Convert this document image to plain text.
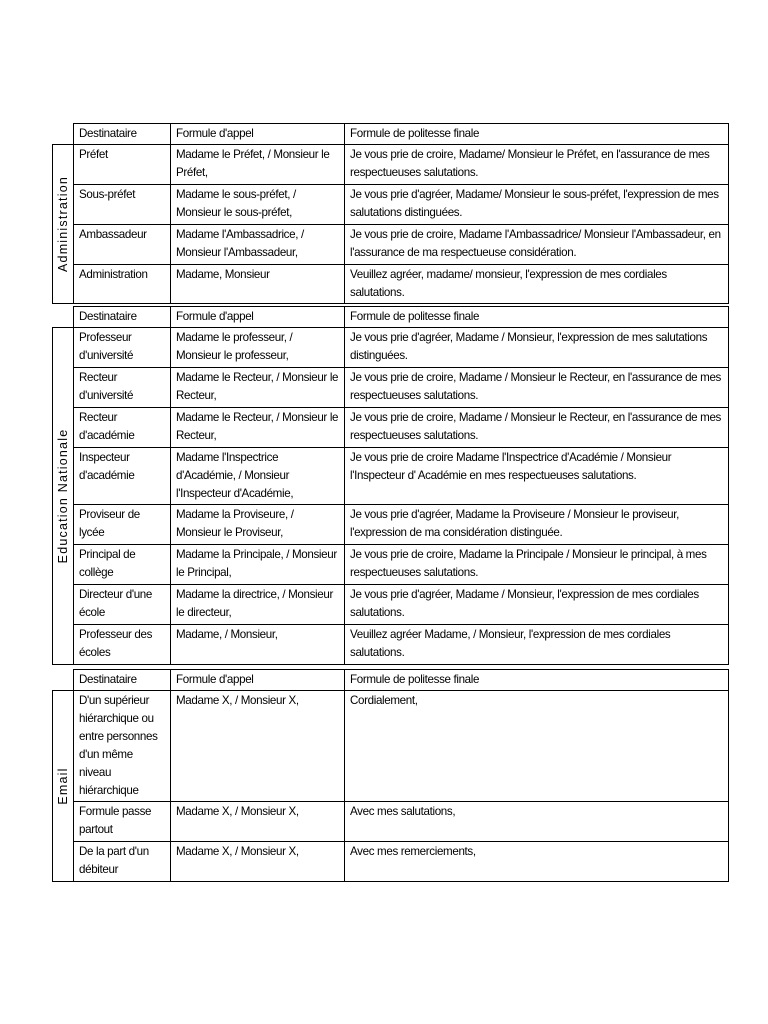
	Destinataire	Formule d'appel	Formule de politesse finale

Administration	Préfet	Madame le Préfet, / Monsieur le Préfet,	Je vous prie de croire, Madame/ Monsieur le Préfet, en l'assurance de mes respectueuses salutations.
	Sous-préfet	Madame le sous-préfet, / Monsieur le sous-préfet,	Je vous prie d'agréer, Madame/ Monsieur le sous-préfet, l'expression de mes salutations distinguées.
	Ambassadeur	Madame l'Ambassadrice, / Monsieur l'Ambassadeur,	Je vous prie de croire, Madame l'Ambassadrice/ Monsieur l'Ambassadeur, en l'assurance de ma respectueuse considération.
	Administration	Madame, Monsieur	Veuillez agréer, madame/ monsieur, l'expression de mes cordiales salutations.
	Destinataire	Formule d'appel	Formule de politesse finale

Education Nationale	Professeur d'université	Madame le professeur, / Monsieur le professeur,	Je vous prie d'agréer, Madame / Monsieur, l'expression de mes salutations distinguées.
	Recteur d'université	Madame le Recteur, / Monsieur le Recteur,	Je vous prie de croire, Madame / Monsieur le Recteur, en l'assurance de mes respectueuses salutations.
	Recteur d'académie	Madame le Recteur, / Monsieur le Recteur,	Je vous prie de croire, Madame / Monsieur le Recteur, en l'assurance de mes respectueuses salutations.
	Inspecteur d'académie	Madame l'Inspectrice d'Académie, / Monsieur l'Inspecteur d'Académie,	Je vous prie de croire Madame l'Inspectrice d'Académie / Monsieur l'Inspecteur d' Académie en mes respectueuses salutations.
	Proviseur de lycée	Madame la Proviseure, / Monsieur le Proviseur,	Je vous prie d'agréer, Madame la Proviseure / Monsieur le proviseur, l'expression de ma considération distinguée.
	Principal de collège	Madame la Principale, / Monsieur le Principal,	Je vous prie de croire, Madame la Principale / Monsieur le principal, à mes respectueuses salutations.
	Directeur d'une école	Madame la directrice, / Monsieur le directeur,	Je vous prie d'agréer, Madame / Monsieur, l'expression de mes cordiales salutations.
	Professeur des écoles	Madame, / Monsieur,	Veuillez agréer Madame, / Monsieur, l'expression de mes cordiales salutations.
	Destinataire	Formule d'appel	Formule de politesse finale

Email	D'un supérieur hiérarchique ou entre personnes d'un même niveau hiérarchique	Madame X, / Monsieur X,	Cordialement,
	Formule passe partout	Madame X, / Monsieur X,	Avec mes salutations,
	De la part d'un débiteur	Madame X, / Monsieur X,	Avec mes remerciements,
